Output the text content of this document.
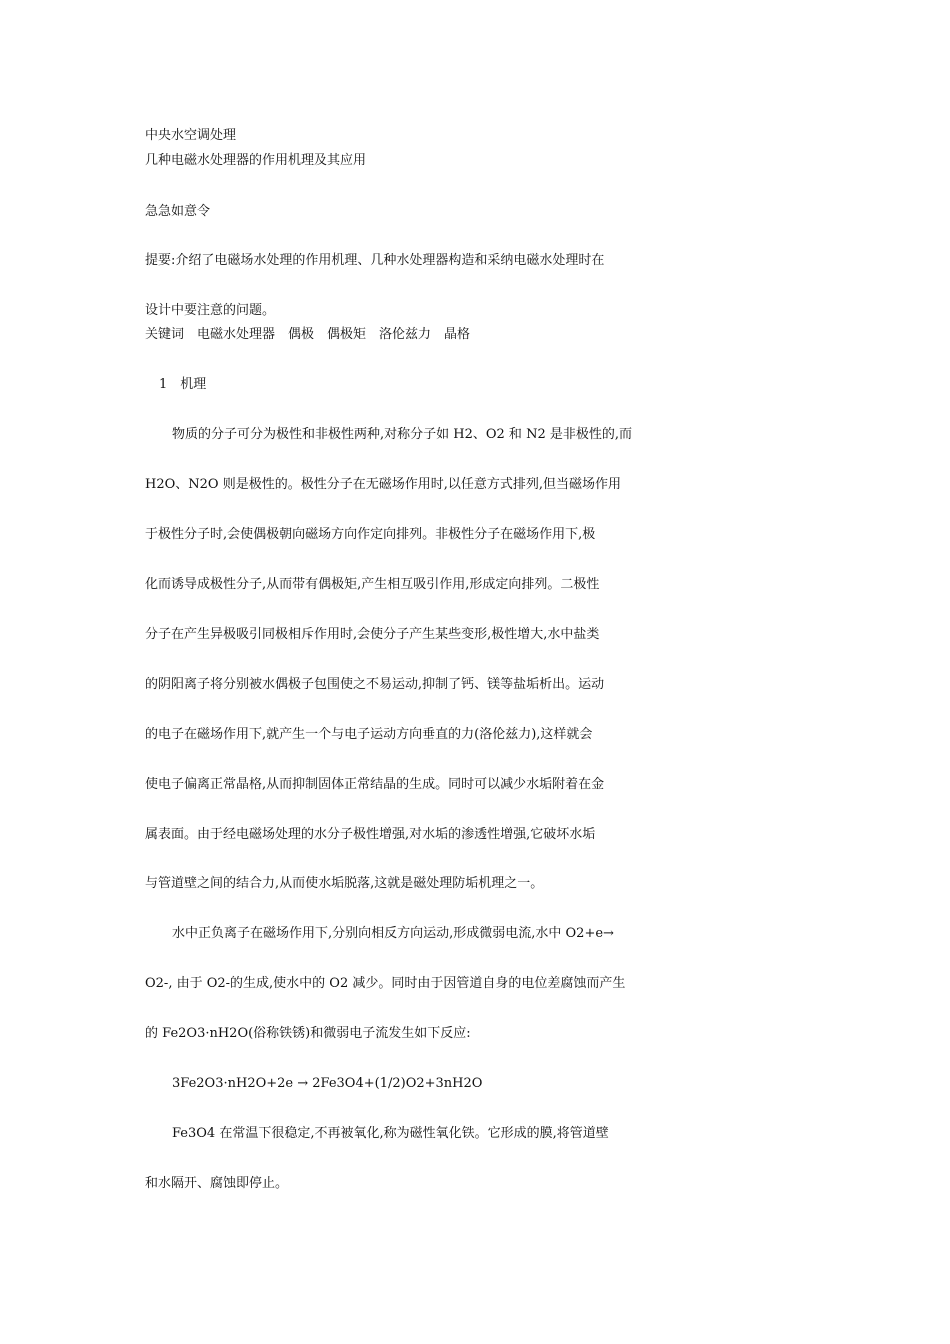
中央水空调处理
几种电磁水处理器的作用机理及其应用
急急如意令
提要:介绍了电磁场水处理的作用机理、几种水处理器构造和采纳电磁水处理时在
设计中要注意的问题。
关键词　电磁水处理器　偶极　偶极矩　洛伦兹力　晶格
1　机理
物质的分子可分为极性和非极性两种,对称分子如 H2、O2 和 N2 是非极性的,而
H2O、N2O 则是极性的。极性分子在无磁场作用时,以任意方式排列,但当磁场作用
于极性分子时,会使偶极朝向磁场方向作定向排列。非极性分子在磁场作用下,极
化而诱导成极性分子,从而带有偶极矩,产生相互吸引作用,形成定向排列。二极性
分子在产生异极吸引同极相斥作用时,会使分子产生某些变形,极性增大,水中盐类
的阴阳离子将分别被水偶极子包围使之不易运动,抑制了钙、镁等盐垢析出。运动
的电子在磁场作用下,就产生一个与电子运动方向垂直的力(洛伦兹力),这样就会
使电子偏离正常晶格,从而抑制固体正常结晶的生成。同时可以减少水垢附着在金
属表面。由于经电磁场处理的水分子极性增强,对水垢的渗透性增强,它破坏水垢
与管道壁之间的结合力,从而使水垢脱落,这就是磁处理防垢机理之一。
水中正负离子在磁场作用下,分别向相反方向运动,形成微弱电流,水中 O2+e→
O2-, 由于 O2-的生成,使水中的 O2 减少。同时由于因管道自身的电位差腐蚀而产生
的 Fe2O3·nH2O(俗称铁锈)和微弱电子流发生如下反应:
3Fe2O3·nH2O+2e → 2Fe3O4+(1/2)O2+3nH2O
Fe3O4 在常温下很稳定,不再被氧化,称为磁性氧化铁。它形成的膜,将管道壁
和水隔开、腐蚀即停止。
